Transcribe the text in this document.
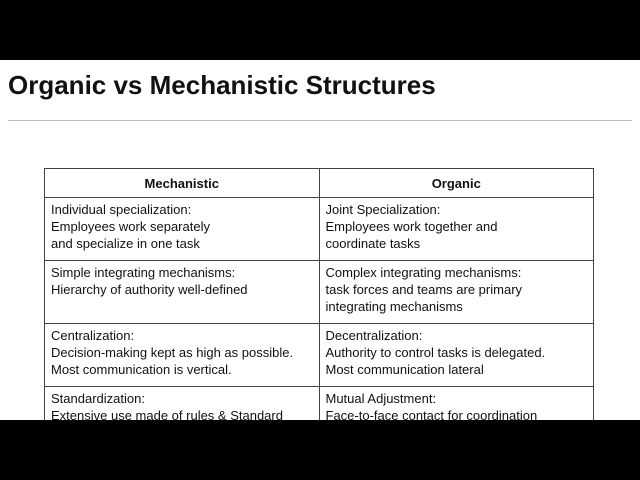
Organic vs Mechanistic Structures
Mechanistic	Organic

Individual specialization:
Employees work separately
and specialize in one task	Joint Specialization:
Employees work together and
coordinate tasks

Simple integrating mechanisms:
Hierarchy of authority well-defined	Complex integrating mechanisms:
task forces and teams are primary
integrating mechanisms

Centralization:
Decision-making kept as high as possible.
Most communication is vertical.	Decentralization:
Authority to control tasks is delegated.
Most communication lateral

Standardization:
Extensive use made of rules & Standard	Mutual Adjustment:
Face-to-face contact for coordination
